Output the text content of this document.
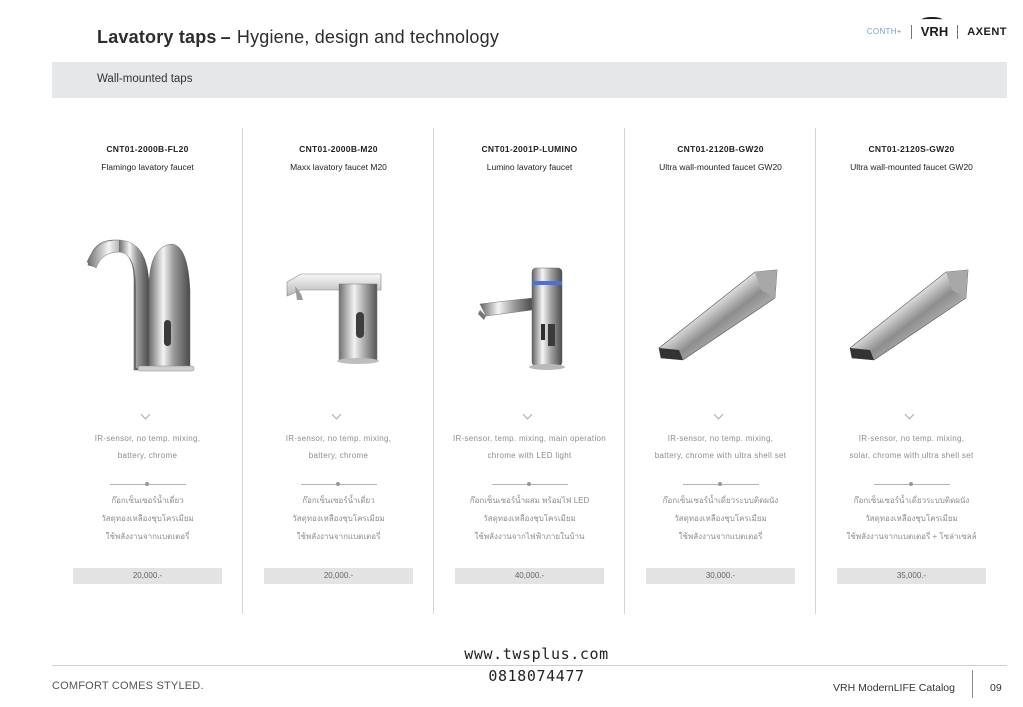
Lavatory taps – Hygiene, design and technology	CONTH+ VRH AXENT
Wall-mounted taps
CNT01-2000B-FL20
Flamingo lavatory faucet
IR-sensor, no temp. mixing,
battery, chrome
ก๊อกเซ็นเซอร์น้ำเดี่ยว
วัสดุทองเหลืองชุบโครเมียม
ใช้พลังงานจากแบตเตอรี่
20,000.-
CNT01-2000B-M20
Maxx lavatory faucet M20
IR-sensor, no temp. mixing,
battery, chrome
ก๊อกเซ็นเซอร์น้ำเดี่ยว
วัสดุทองเหลืองชุบโครเมียม
ใช้พลังงานจากแบตเตอรี่
20,000.-
CNT01-2001P-LUMINO
Lumino lavatory faucet
IR-sensor, temp. mixing, main operation
chrome with LED light
ก๊อกเซ็นเซอร์น้ำผสม พร้อมไฟ LED
วัสดุทองเหลืองชุบโครเมียม
ใช้พลังงานจากไฟฟ้าภายในบ้าน
40,000.-
CNT01-2120B-GW20
Ultra wall-mounted faucet GW20
IR-sensor, no temp. mixing,
battery, chrome with ultra shell set
ก๊อกเซ็นเซอร์น้ำเดี่ยวระบบติดผนัง
วัสดุทองเหลืองชุบโครเมียม
ใช้พลังงานจากแบตเตอรี่
30,000.-
CNT01-2120S-GW20
Ultra wall-mounted faucet GW20
IR-sensor, no temp. mixing,
solar, chrome with ultra shell set
ก๊อกเซ็นเซอร์น้ำเดี่ยวระบบติดผนัง
วัสดุทองเหลืองชุบโครเมียม
ใช้พลังงานจากแบตเตอรี่ + โซล่าเซลล์
35,000.-
www.twsplus.com
0818074477
COMFORT COMES STYLED.	VRH ModernLIFE Catalog	09
